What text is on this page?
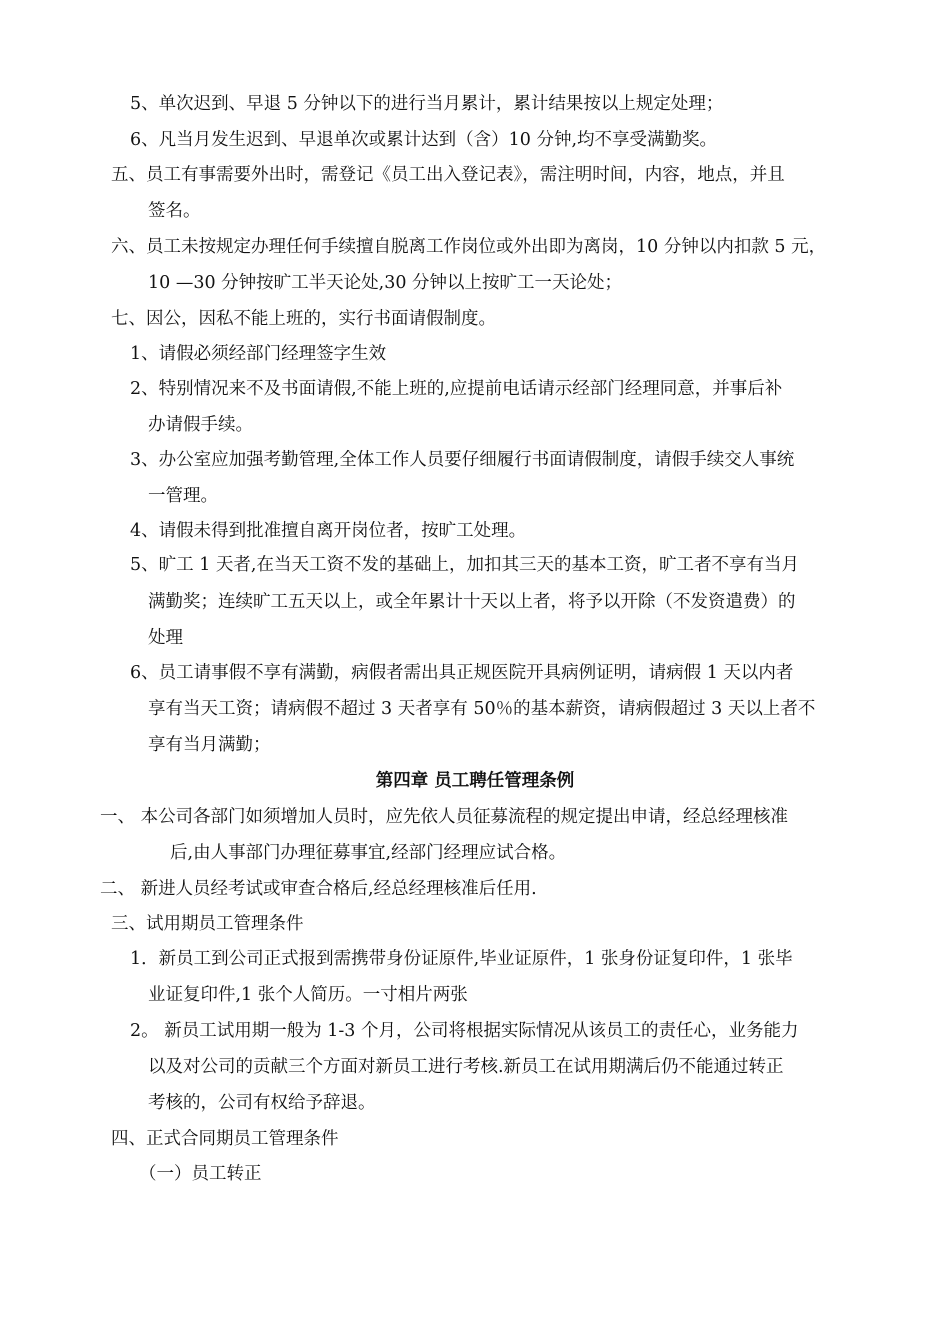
5、单次迟到、早退 5 分钟以下的进行当月累计，累计结果按以上规定处理；
6、凡当月发生迟到、早退单次或累计达到（含）10 分钟,均不享受满勤奖。
五、员工有事需要外出时，需登记《员工出入登记表》，需注明时间，内容，地点，并且
签名。
六、员工未按规定办理任何手续擅自脱离工作岗位或外出即为离岗，10 分钟以内扣款 5 元，
10 —30 分钟按旷工半天论处,30 分钟以上按旷工一天论处；
七、因公，因私不能上班的，实行书面请假制度。
1、请假必须经部门经理签字生效
2、特别情况来不及书面请假,不能上班的,应提前电话请示经部门经理同意，并事后补
办请假手续。
3、办公室应加强考勤管理,全体工作人员要仔细履行书面请假制度，请假手续交人事统
一管理。
4、请假未得到批准擅自离开岗位者，按旷工处理。
5、旷工 1 天者,在当天工资不发的基础上，加扣其三天的基本工资，旷工者不享有当月
满勤奖；连续旷工五天以上，或全年累计十天以上者，将予以开除（不发资遣费）的
处理
6、员工请事假不享有满勤，病假者需出具正规医院开具病例证明，请病假 1 天以内者
享有当天工资；请病假不超过 3 天者享有 50％的基本薪资，请病假超过 3 天以上者不
享有当月满勤；
第四章 员工聘任管理条例
一、 本公司各部门如须增加人员时，应先依人员征募流程的规定提出申请，经总经理核准
后,由人事部门办理征募事宜,经部门经理应试合格。
二、 新进人员经考试或审查合格后,经总经理核准后任用.
三、试用期员工管理条件
1．新员工到公司正式报到需携带身份证原件,毕业证原件，1 张身份证复印件，1 张毕
业证复印件,1 张个人简历。一寸相片两张
2。 新员工试用期一般为 1-3 个月，公司将根据实际情况从该员工的责任心，业务能力
以及对公司的贡献三个方面对新员工进行考核.新员工在试用期满后仍不能通过转正
考核的，公司有权给予辞退。
四、正式合同期员工管理条件
（一）员工转正
